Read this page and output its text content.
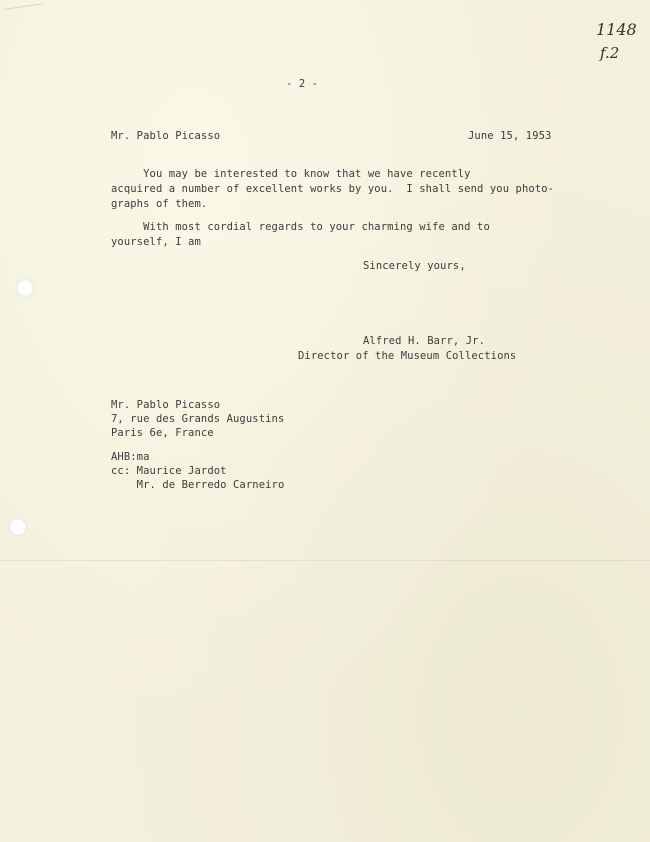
1148
f.2
- 2 -
Mr. Pablo Picasso	June 15, 1953
You may be interested to know that we have recently
acquired a number of excellent works by you.  I shall send you photo-
graphs of them.
With most cordial regards to your charming wife and to
yourself, I am
Sincerely yours,
Alfred H. Barr, Jr.
Director of the Museum Collections
Mr. Pablo Picasso
7, rue des Grands Augustins
Paris 6e, France
AHB:ma
cc: Maurice Jardot
Mr. de Berredo Carneiro
